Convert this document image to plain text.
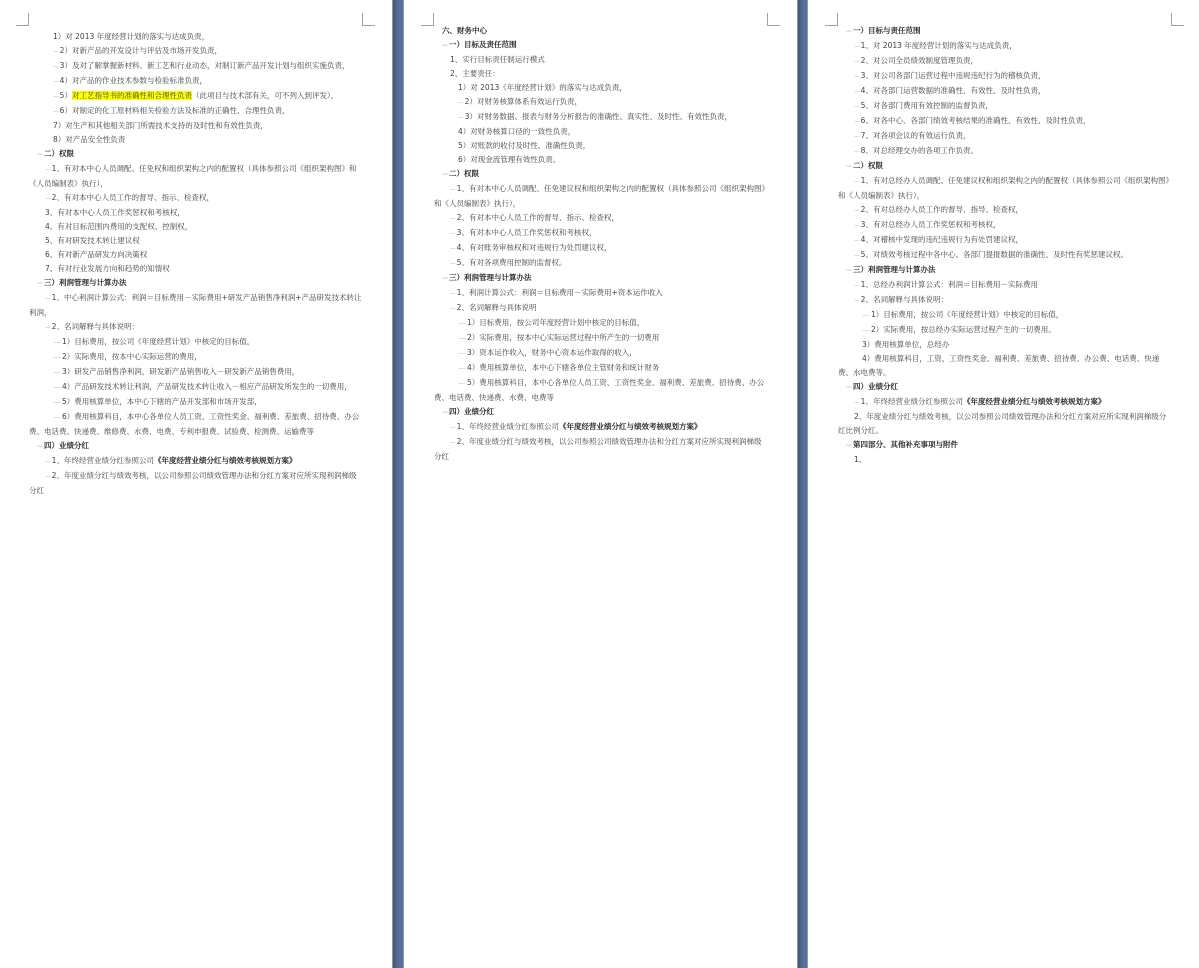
1）对 2013 年度经营计划的落实与达成负责，

---- 2）对新产品的开发设计与评估及市场开发负责，

---- 3）及对了解掌握新材料、新工艺和行业动态，对制订新产品开发计划与组织实施负责，

---- 4）对产品的作业技术参数与检验标准负责，

---- 5）对工艺指导书的准确性和合理性负责（此项目与技术部有关，可不列入到评发），

---- 6）对制定的化工原材料相关检验方法及标准的正确性、合理性负责，

7）对生产和其他相关部门所需技术支持的及时性和有效性负责，

8）对产品安全性负责

— 二）权限

---- 1、有对本中心人员调配、任免权和组织架构之内的配置权（具体参照公司《组织架构图》和《人员编制表》执行），

---- 2、有对本中心人员工作的督导、指示、检查权，

3、有对本中心人员工作奖惩权和考核权，

4、有对目标范围内费用的支配权、控制权，

5、有对研发技术转让建议权

6、有对新产品研发方向决策权

7、有对行业发展方向和趋势的知情权

— 三）利润管理与计算办法

---- 1、中心利润计算公式：利润＝目标费用－实际费用+研发产品销售净利润+产品研发技术转让利润，

---- 2、名词解释与具体说明：

------ 1）目标费用，按公司《年度经营计划》中核定的目标值，

------ 2）实际费用，按本中心实际运营的费用，

------ 3）研发产品销售净利润，研发新产品销售收入－研发新产品销售费用，

------ 4）产品研发技术转让利润，产品研发技术转让收入－相应产品研发所发生的一切费用，

------ 5）费用核算单位，本中心下辖的产品开发部和市场开发部，

------ 6）费用核算科目，本中心各单位人员工资、工资性奖金、福利费、差旅费、招待费、办公费、电话费、快递费、维修费、水费、电费、专利申报费、试验费、检测费、运输费等

— 四）业绩分红

---- 1、年终经营业绩分红参照公司《年度经营业绩分红与绩效考核规划方案》

---- 2、年度业绩分红与绩效考核，以公司参照公司绩效管理办法和分红方案对应所实现利润梯级分红

六、财务中心

— 一）目标及责任范围

1、实行目标责任制运行模式

2、主要责任：

1）对 2013《年度经营计划》的落实与达成负责，

---- 2）对财务核算体系有效运行负责，

---- 3）对财务数据、报表与财务分析报告的准确性、真实性、及时性、有效性负责，

4）对财务核算口径的一致性负责，

5）对账款的收付及时性、准确性负责，

6）对现金流管理有效性负责。

— 二）权限

---- 1、有对本中心人员调配、任免建议权和组织架构之内的配置权（具体参照公司《组织架构图》和《人员编制表》执行），

---- 2、有对本中心人员工作的督导、指示、检查权，

---- 3、有对本中心人员工作奖惩权和考核权，

---- 4、有对账务审核权和对违规行为处罚建议权，

---- 5、有对各项费用控制的监督权。

— 三）利润管理与计算办法

---- 1、利润计算公式：利润＝目标费用－实际费用+资本运作收入

---- 2、名词解释与具体说明

------ 1）目标费用，按公司年度经营计划中核定的目标值，

------ 2）实际费用，按本中心实际运营过程中所产生的一切费用

------ 3）资本运作收入，财务中心资本运作取得的收入，

------ 4）费用核算单位，本中心下辖各单位主管财务和统计财务

------ 5）费用核算科目，本中心各单位人员工资、工资性奖金、福利费、差旅费、招待费、办公费、电话费、快递费、水费、电费等

— 四）业绩分红

---- 1、年终经营业绩分红参照公司《年度经营业绩分红与绩效考核规划方案》

---- 2、年度业绩分红与绩效考核，以公司参照公司绩效管理办法和分红方案对应所实现利润梯级分红

— 一）目标与责任范围

---- 1、对 2013 年度经营计划的落实与达成负责，

---- 2、对公司全员绩效制度管理负责，

---- 3、对公司各部门运营过程中违规违纪行为的稽核负责，

---- 4、对各部门运营数据的准确性、有效性、及时性负责，

---- 5、对各部门费用有效控制的监督负责，

---- 6、对各中心、各部门绩效考核结果的准确性、有效性、及时性负责，

---- 7、对各项会议的有效运行负责，

---- 8、对总经理交办的各项工作负责。

— 二）权限

---- 1、有对总经办人员调配、任免建议权和组织架构之内的配置权（具体参照公司《组织架构图》和《人员编制表》执行），

---- 2、有对总经办人员工作的督导、指导、检查权，

---- 3、有对总经办人员工作奖惩权和考核权，

---- 4、对稽核中发现的违纪违规行为有处罚建议权，

---- 5、对绩效考核过程中各中心、各部门提报数据的准确性、及时性有奖惩建议权。

— 三）利润管理与计算办法

---- 1、总经办利润计算公式：利润＝目标费用－实际费用

---- 2、名词解释与具体说明：

------ 1）目标费用，按公司《年度经营计划》中核定的目标值，

------ 2）实际费用，按总经办实际运营过程产生的一切费用。

3）费用核算单位，总经办

4）费用核算科目，工资、工资性奖金、福利费、差旅费、招待费、办公费、电话费、快递费、水电费等。

— 四）业绩分红

---- 1、年终经营业绩分红参照公司《年度经营业绩分红与绩效考核规划方案》

2、年度业绩分红与绩效考核，以公司参照公司绩效管理办法和分红方案对应所实现利润梯级分红比例分红。

— 第四部分、其他补充事项与附件

1、
